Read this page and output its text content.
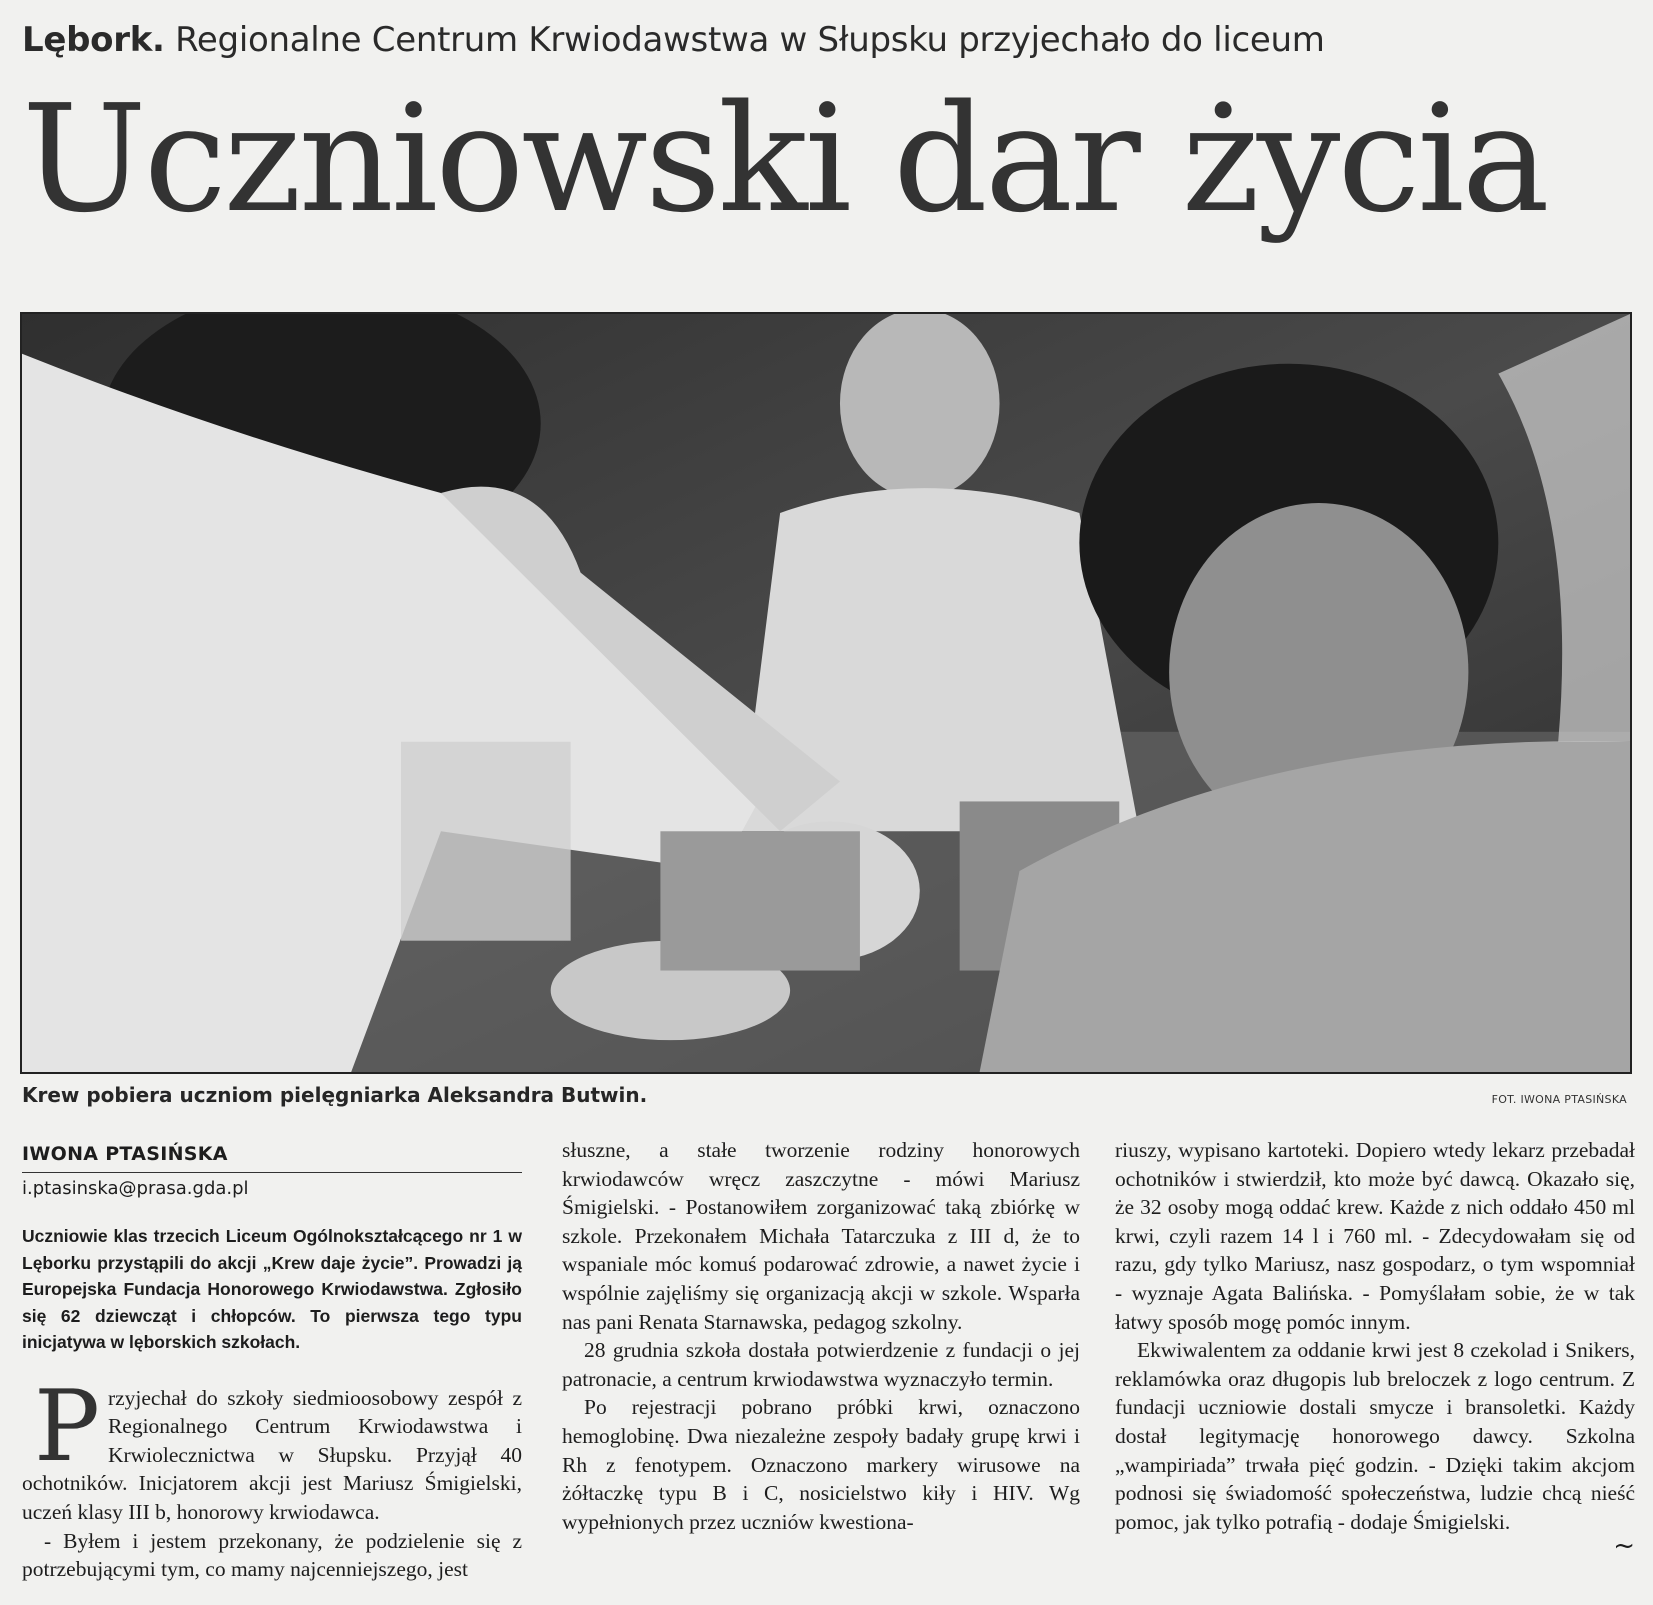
Lębork. Regionalne Centrum Krwiodawstwa w Słupsku przyjechało do liceum
Uczniowski dar życia
Krew pobiera uczniom pielęgniarka Aleksandra Butwin.	FOT. IWONA PTASIŃSKA
IWONA PTASIŃSKA
i.ptasinska@prasa.gda.pl
Uczniowie klas trzecich Liceum Ogólnokształcącego nr 1 w Lęborku przystąpili do akcji „Krew daje życie”. Prowadzi ją Europejska Fundacja Honorowego Krwiodawstwa. Zgłosiło się 62 dziewcząt i chłopców. To pierwsza tego typu inicjatywa w lęborskich szkołach.

Przyjechał do szkoły siedmioosobowy zespół z Regionalnego Centrum Krwiodawstwa i Krwiolecznictwa w Słupsku. Przyjął 40 ochotników. Inicjatorem akcji jest Mariusz Śmigielski, uczeń klasy III b, honorowy krwiodawca.

- Byłem i jestem przekonany, że podzielenie się z potrzebującymi tym, co mamy najcenniejszego, jest

słuszne, a stałe tworzenie rodziny honorowych krwiodawców wręcz zaszczytne - mówi Mariusz Śmigielski. - Postanowiłem zorganizować taką zbiórkę w szkole. Przekonałem Michała Tatarczuka z III d, że to wspaniale móc komuś podarować zdrowie, a nawet życie i wspólnie zajęliśmy się organizacją akcji w szkole. Wsparła nas pani Renata Starnawska, pedagog szkolny.

28 grudnia szkoła dostała potwierdzenie z fundacji o jej patronacie, a centrum krwiodawstwa wyznaczyło termin.

Po rejestracji pobrano próbki krwi, oznaczono hemoglobinę. Dwa niezależne zespoły badały grupę krwi i Rh z fenotypem. Oznaczono markery wirusowe na żółtaczkę typu B i C, nosicielstwo kiły i HIV. Wg wypełnionych przez uczniów kwestiona-

riuszy, wypisano kartoteki. Dopiero wtedy lekarz przebadał ochotników i stwierdził, kto może być dawcą. Okazało się, że 32 osoby mogą oddać krew. Każde z nich oddało 450 ml krwi, czyli razem 14 l i 760 ml. - Zdecydowałam się od razu, gdy tylko Mariusz, nasz gospodarz, o tym wspomniał - wyznaje Agata Balińska. - Pomyślałam sobie, że w tak łatwy sposób mogę pomóc innym.

Ekwiwalentem za oddanie krwi jest 8 czekolad i Snikers, reklamówka oraz długopis lub breloczek z logo centrum. Z fundacji uczniowie dostali smycze i bransoletki. Każdy dostał legitymację honorowego dawcy. Szkolna „wampiriada” trwała pięć godzin. - Dzięki takim akcjom podnosi się świadomość społeczeństwa, ludzie chcą nieść pomoc, jak tylko potrafią - dodaje Śmigielski.

~
